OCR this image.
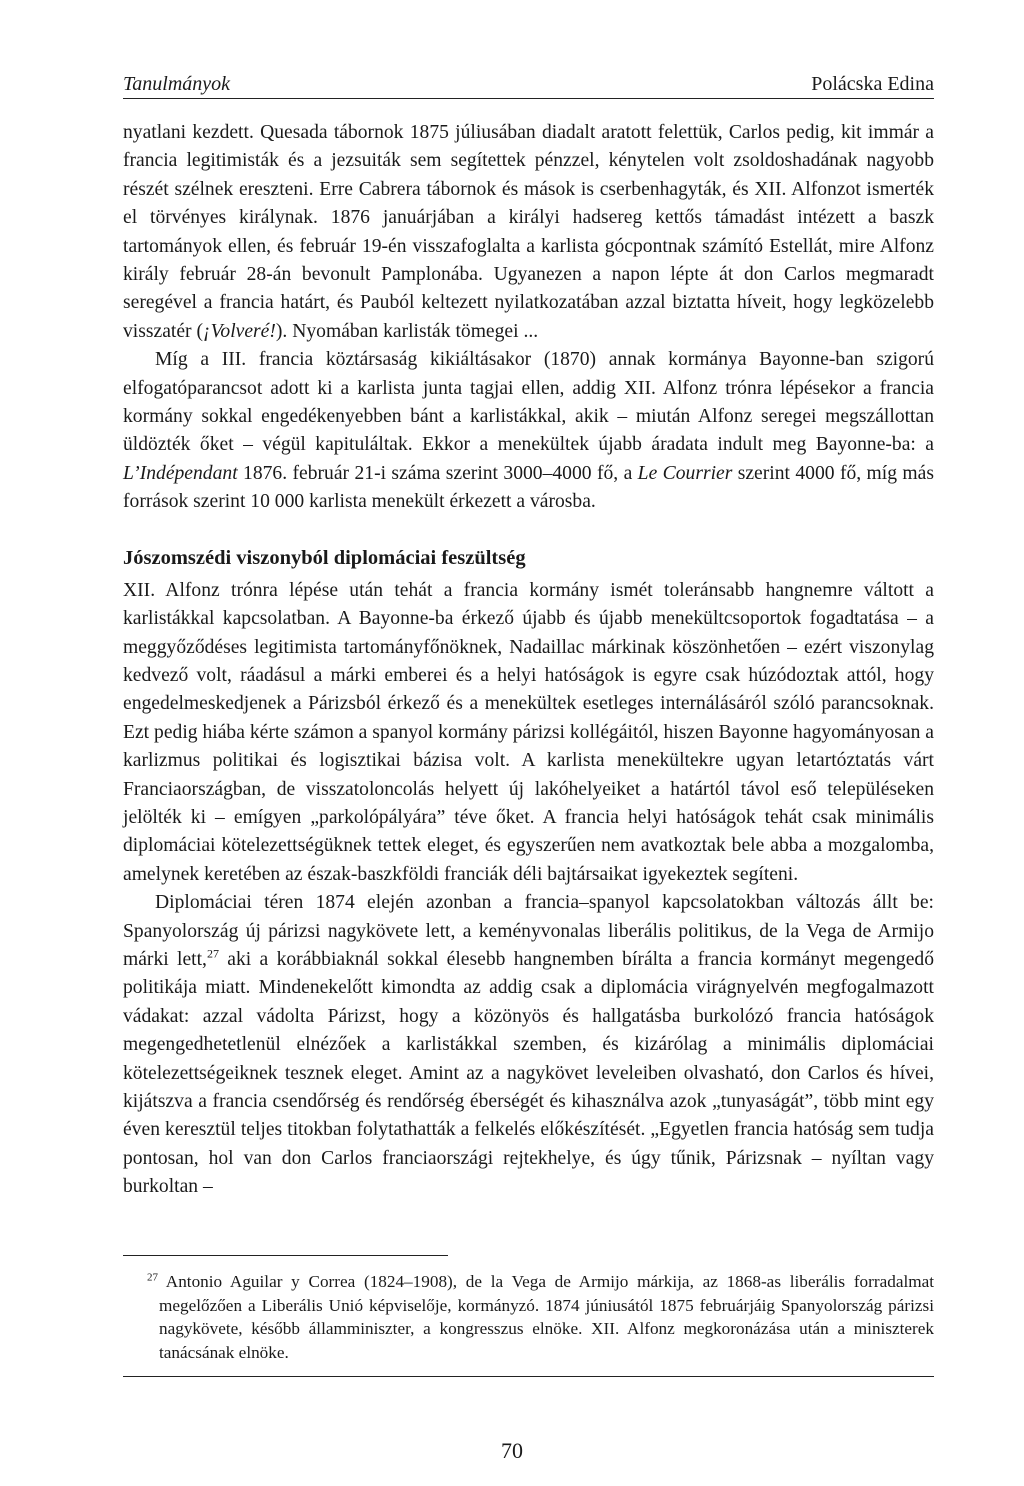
Tanulmányok	Polácska Edina

nyatlani kezdett. Quesada tábornok 1875 júliusában diadalt aratott felettük, Carlos pedig, kit immár a francia legitimisták és a jezsuiták sem segítettek pénzzel, kénytelen volt zsoldoshadának nagyobb részét szélnek ereszteni. Erre Cabrera tábornok és mások is cserbenhagyták, és XII. Alfonzot ismerték el törvényes királynak. 1876 januárjában a királyi hadsereg kettős támadást intézett a baszk tartományok ellen, és február 19-én visszafoglalta a karlista gócpontnak számító Estellát, mire Alfonz király február 28-án bevonult Pamplonába. Ugyanezen a napon lépte át don Carlos megmaradt seregével a francia határt, és Pauból keltezett nyilatkozatában azzal biztatta híveit, hogy legközelebb visszatér (¡Volveré!). Nyomában karlisták tömegei ...

Míg a III. francia köztársaság kikiáltásakor (1870) annak kormánya Bayonne-ban szigorú elfogatóparancsot adott ki a karlista junta tagjai ellen, addig XII. Alfonz trónra lépésekor a francia kormány sokkal engedékenyebben bánt a karlistákkal, akik – miután Alfonz seregei megszállottan üldözték őket – végül kapituláltak. Ekkor a menekültek újabb áradata indult meg Bayonne-ba: a L’Indépendant 1876. február 21-i száma szerint 3000–4000 fő, a Le Courrier szerint 4000 fő, míg más források szerint 10 000 karlista menekült érkezett a városba.

Jószomszédi viszonyból diplomáciai feszültség

XII. Alfonz trónra lépése után tehát a francia kormány ismét toleránsabb hangnemre váltott a karlistákkal kapcsolatban. A Bayonne-ba érkező újabb és újabb menekültcsoportok fogadtatása – a meggyőződéses legitimista tartományfőnöknek, Nadaillac márkinak köszönhetően – ezért viszonylag kedvező volt, ráadásul a márki emberei és a helyi hatóságok is egyre csak húzódoztak attól, hogy engedelmeskedjenek a Párizsból érkező és a menekültek esetleges internálásáról szóló parancsoknak. Ezt pedig hiába kérte számon a spanyol kormány párizsi kollégáitól, hiszen Bayonne hagyományosan a karlizmus politikai és logisztikai bázisa volt. A karlista menekültekre ugyan letartóztatás várt Franciaországban, de visszatoloncolás helyett új lakóhelyeiket a határtól távol eső településeken jelölték ki – emígyen „parkolópályára” téve őket. A francia helyi hatóságok tehát csak minimális diplomáciai kötelezettségüknek tettek eleget, és egyszerűen nem avatkoztak bele abba a mozgalomba, amelynek keretében az észak-baszkföldi franciák déli bajtársaikat igyekeztek segíteni.

Diplomáciai téren 1874 elején azonban a francia–spanyol kapcsolatokban változás állt be: Spanyolország új párizsi nagykövete lett, a keményvonalas liberális politikus, de la Vega de Armijo márki lett,$^{27}$ aki a korábbiaknál sokkal élesebb hangnemben bírálta a francia kormányt megengedő politikája miatt. Mindenekelőtt kimondta az addig csak a diplomácia virágnyelvén megfogalmazott vádakat: azzal vádolta Párizst, hogy a közönyös és hallgatásba burkolózó francia hatóságok megengedhetetlenül elnézőek a karlistákkal szemben, és kizárólag a minimális diplomáciai kötelezettségeiknek tesznek eleget. Amint az a nagykövet leveleiben olvasható, don Carlos és hívei, kijátszva a francia csendőrség és rendőrség éberségét és kihasználva azok „tunyaságát”, több mint egy éven keresztül teljes titokban folytathatták a felkelés előkészítését. „Egyetlen francia hatóság sem tudja pontosan, hol van don Carlos franciaországi rejtekhelye, és úgy tűnik, Párizsnak – nyíltan vagy burkoltan –

$^{27}$ Antonio Aguilar y Correa (1824–1908), de la Vega de Armijo márkija, az 1868-as liberális forradalmat megelőzően a Liberális Unió képviselője, kormányzó. 1874 júniusától 1875 februárjáig Spanyolország párizsi nagykövete, később államminiszter, a kongresszus elnöke. XII. Alfonz megkoronázása után a miniszterek tanácsának elnöke.

70
